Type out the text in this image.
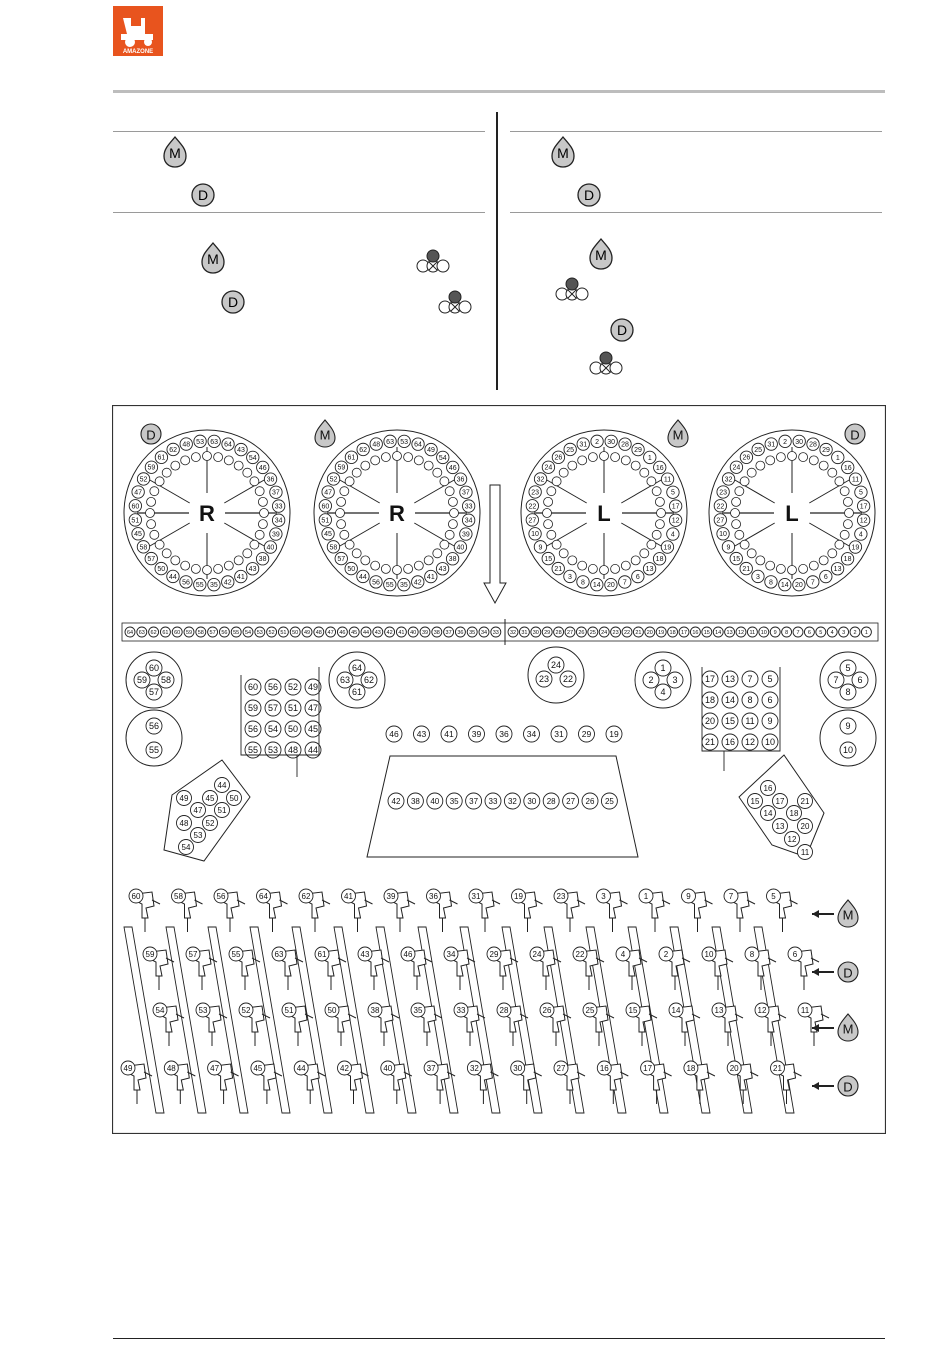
AMAZONE
M
D
M
D
M
D
M
D
R
63 64
43
54
46
36
37
33
34
39
40
38
43
41
42
35
55
56
44
50
57
58
45
51
60
47
52
59
61
62
48 53
D
R
53 64
49
54
46
36
37
33
34
39
40
38
43
41
42
35
55
56
44
50
57
58
45
51
60
47
52
59
61
62
48 63
M
L
30 28
29
1
16
11
5
17
12
4
19
18
13
6
7
20
14
8
3
21
15
9
10
27
22
23
32
24
26
25
31 2	M
L
30 28
29
1
16
11
5
17
12
4
19
18
13
6
7
20
14
8
3
21
15
9
10
27
22
23
32
24
26
25
31 2	D
64 63 62 61 60 59 58 57 56 55 54 53 52 51 50 49 48 47 46 45 44 43 42 41 40 39 38 37 36 35 34 33 32 31 30 29 28 27 26 25 24 23 22 21 20 19 18 17 16 15 14 13 12 11 10 9 8 7 6 5 4 3 2 1
60
59 58
57
56
55
64
63 62
61
24
23 22
1
2 3
4
5
7 6
8
9
10
60 56 52 49
59 57 51 47
56 54 50 45
55 53 48 44
17 13 7 5
18 14 8 6
20 15 11 9
21 16 12 10
46 43 41 39 36 34 31 29 19
42 38 40 35 37 33 32 30 28 27 26 25
44
49 45 50
47 51
48 52
53
54
16
15 17 21
14 18
13 20
12
11
60	58	56	64	62	41	39	36	31	19	23	3	1	9	7	5
M
59	57	55	63	61	43	46	34	29	24	22	4	2	10	8	6
D
54	53	52	51	50	38	35	33	28	26	25	15	14	13	12	11
M
49	48	47	45	44	42	40	37	32	30	27	16	17	18	20	21
D
